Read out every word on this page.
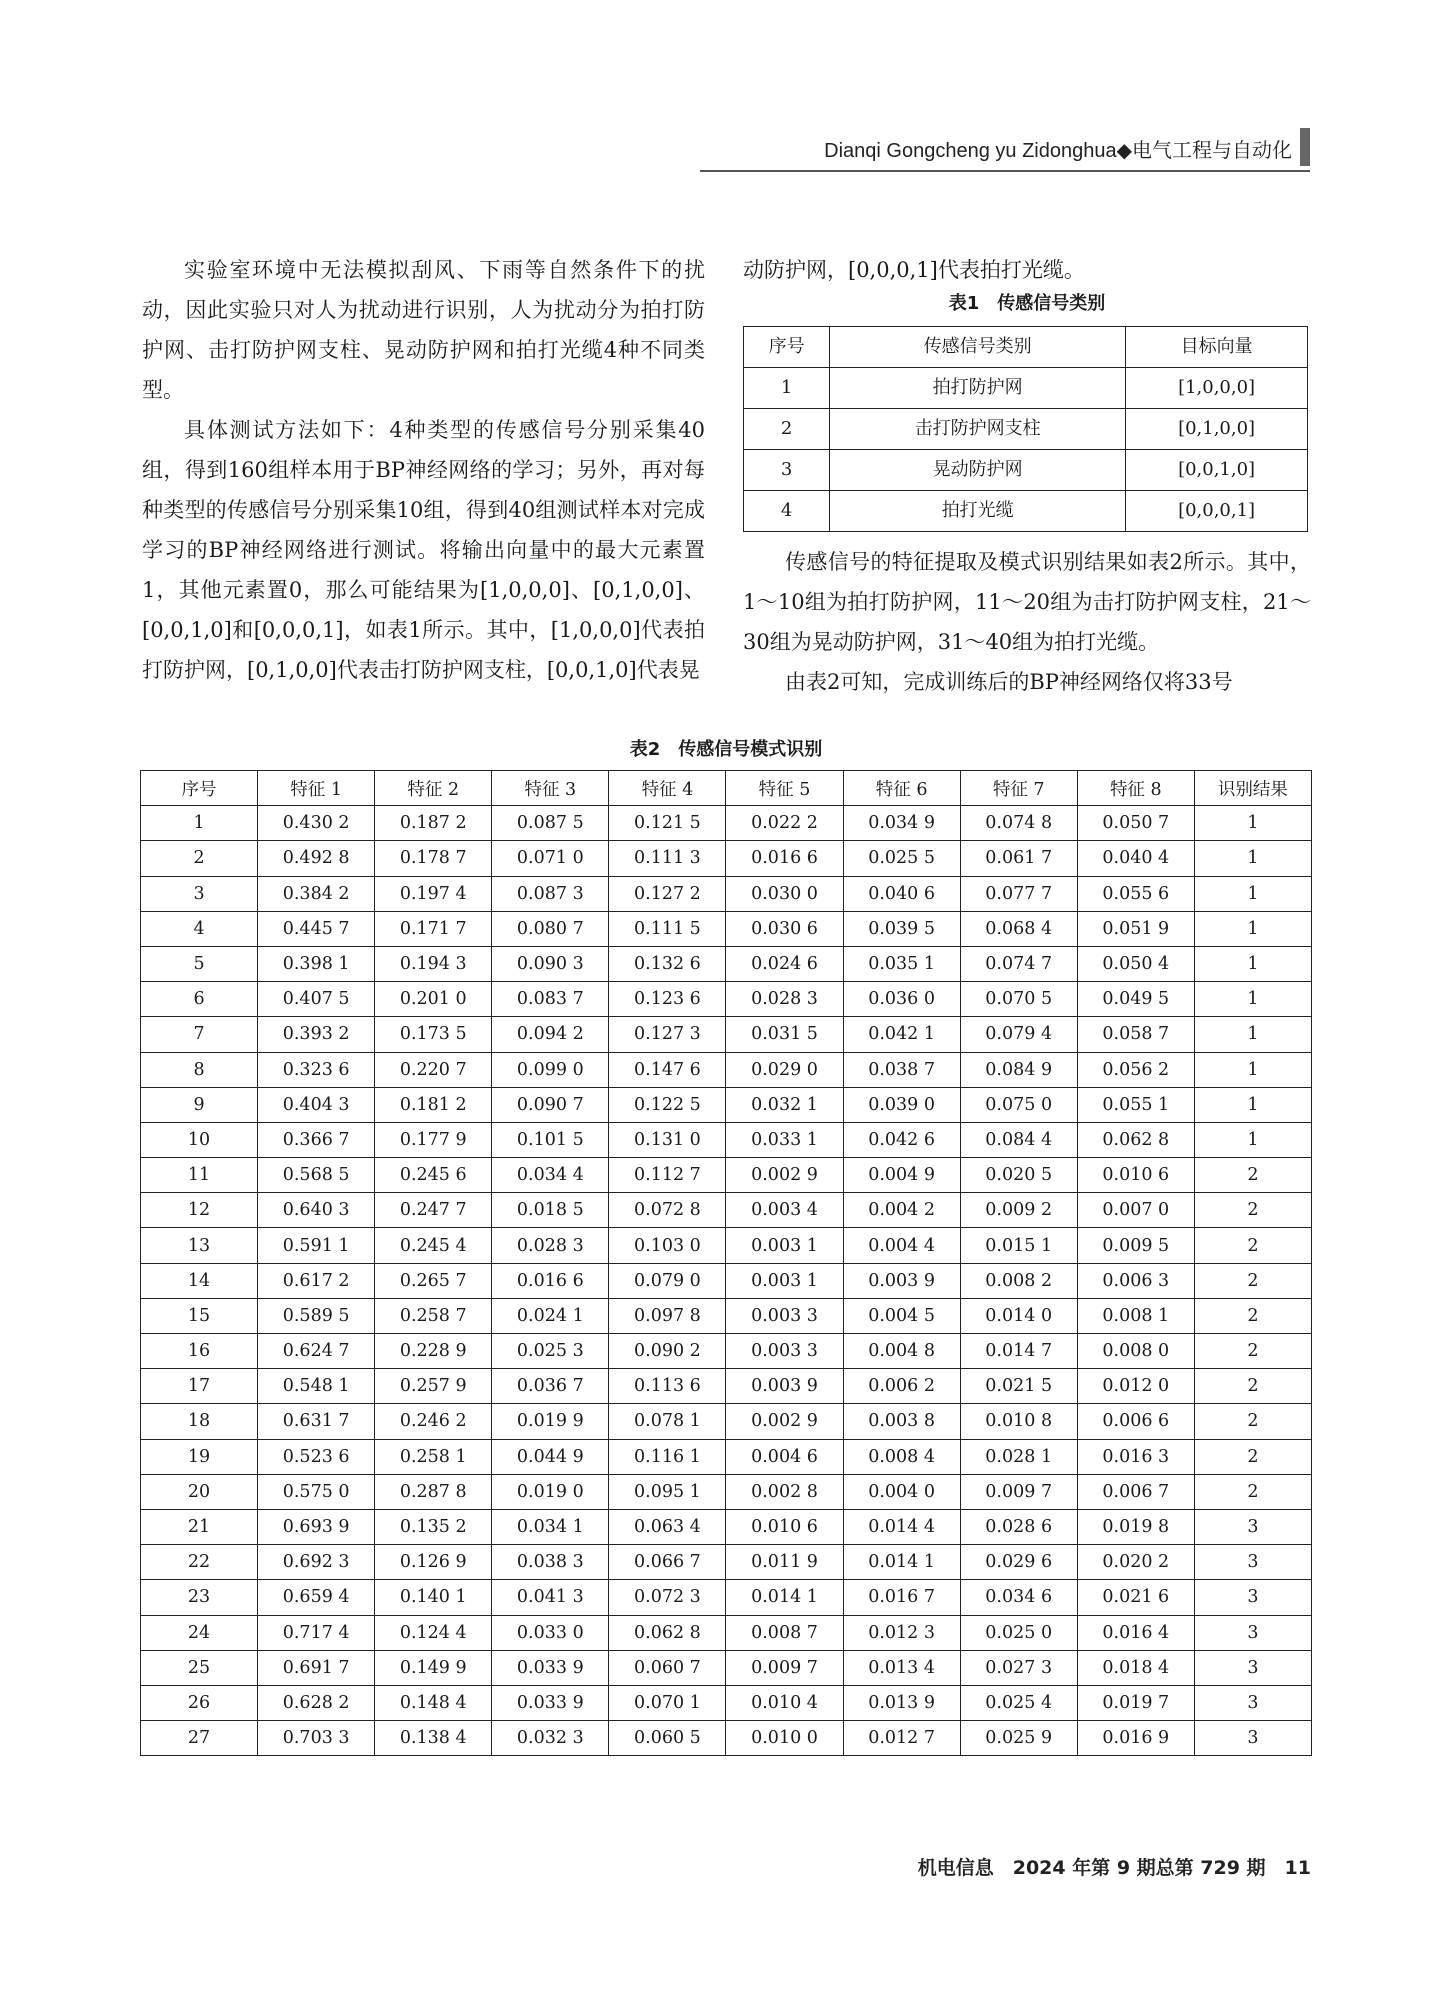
Dianqi Gongcheng yu Zidonghua◆电气工程与自动化

实验室环境中无法模拟刮风、下雨等自然条件下的扰动，因此实验只对人为扰动进行识别，人为扰动分为拍打防护网、击打防护网支柱、晃动防护网和拍打光缆4种不同类型。

具体测试方法如下：4种类型的传感信号分别采集40组，得到160组样本用于BP神经网络的学习；另外，再对每种类型的传感信号分别采集10组，得到40组测试样本对完成学习的BP神经网络进行测试。将输出向量中的最大元素置1，其他元素置0，那么可能结果为[1,0,0,0]、[0,1,0,0]、[0,0,1,0]和[0,0,0,1]，如表1所示。其中，[1,0,0,0]代表拍打防护网，[0,1,0,0]代表击打防护网支柱，[0,0,1,0]代表晃

动防护网，[0,0,0,1]代表拍打光缆。

表1　传感信号类别
序号	传感信号类别	目标向量
1	拍打防护网	[1,0,0,0]
2	击打防护网支柱	[0,1,0,0]
3	晃动防护网	[0,0,1,0]
4	拍打光缆	[0,0,0,1]

传感信号的特征提取及模式识别结果如表2所示。其中，1～10组为拍打防护网，11～20组为击打防护网支柱，21～30组为晃动防护网，31～40组为拍打光缆。

由表2可知，完成训练后的BP神经网络仅将33号

表2　传感信号模式识别
序号	特征 1	特征 2	特征 3	特征 4	特征 5	特征 6	特征 7	特征 8	识别结果
1	0.430 2	0.187 2	0.087 5	0.121 5	0.022 2	0.034 9	0.074 8	0.050 7	1
2	0.492 8	0.178 7	0.071 0	0.111 3	0.016 6	0.025 5	0.061 7	0.040 4	1
3	0.384 2	0.197 4	0.087 3	0.127 2	0.030 0	0.040 6	0.077 7	0.055 6	1
4	0.445 7	0.171 7	0.080 7	0.111 5	0.030 6	0.039 5	0.068 4	0.051 9	1
5	0.398 1	0.194 3	0.090 3	0.132 6	0.024 6	0.035 1	0.074 7	0.050 4	1
6	0.407 5	0.201 0	0.083 7	0.123 6	0.028 3	0.036 0	0.070 5	0.049 5	1
7	0.393 2	0.173 5	0.094 2	0.127 3	0.031 5	0.042 1	0.079 4	0.058 7	1
8	0.323 6	0.220 7	0.099 0	0.147 6	0.029 0	0.038 7	0.084 9	0.056 2	1
9	0.404 3	0.181 2	0.090 7	0.122 5	0.032 1	0.039 0	0.075 0	0.055 1	1
10	0.366 7	0.177 9	0.101 5	0.131 0	0.033 1	0.042 6	0.084 4	0.062 8	1
11	0.568 5	0.245 6	0.034 4	0.112 7	0.002 9	0.004 9	0.020 5	0.010 6	2
12	0.640 3	0.247 7	0.018 5	0.072 8	0.003 4	0.004 2	0.009 2	0.007 0	2
13	0.591 1	0.245 4	0.028 3	0.103 0	0.003 1	0.004 4	0.015 1	0.009 5	2
14	0.617 2	0.265 7	0.016 6	0.079 0	0.003 1	0.003 9	0.008 2	0.006 3	2
15	0.589 5	0.258 7	0.024 1	0.097 8	0.003 3	0.004 5	0.014 0	0.008 1	2
16	0.624 7	0.228 9	0.025 3	0.090 2	0.003 3	0.004 8	0.014 7	0.008 0	2
17	0.548 1	0.257 9	0.036 7	0.113 6	0.003 9	0.006 2	0.021 5	0.012 0	2
18	0.631 7	0.246 2	0.019 9	0.078 1	0.002 9	0.003 8	0.010 8	0.006 6	2
19	0.523 6	0.258 1	0.044 9	0.116 1	0.004 6	0.008 4	0.028 1	0.016 3	2
20	0.575 0	0.287 8	0.019 0	0.095 1	0.002 8	0.004 0	0.009 7	0.006 7	2
21	0.693 9	0.135 2	0.034 1	0.063 4	0.010 6	0.014 4	0.028 6	0.019 8	3
22	0.692 3	0.126 9	0.038 3	0.066 7	0.011 9	0.014 1	0.029 6	0.020 2	3
23	0.659 4	0.140 1	0.041 3	0.072 3	0.014 1	0.016 7	0.034 6	0.021 6	3
24	0.717 4	0.124 4	0.033 0	0.062 8	0.008 7	0.012 3	0.025 0	0.016 4	3
25	0.691 7	0.149 9	0.033 9	0.060 7	0.009 7	0.013 4	0.027 3	0.018 4	3
26	0.628 2	0.148 4	0.033 9	0.070 1	0.010 4	0.013 9	0.025 4	0.019 7	3
27	0.703 3	0.138 4	0.032 3	0.060 5	0.010 0	0.012 7	0.025 9	0.016 9	3
机电信息　2024 年第 9 期总第 729 期　11
